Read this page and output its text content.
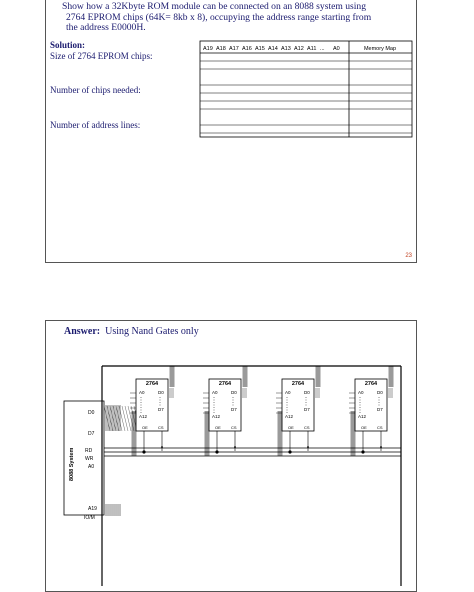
Show how a 32Kbyte ROM module can be connected on an 8088 system using
2764 EPROM chips (64K= 8kb x 8), occupying the address range starting from
the address E0000H.
Solution:
Size of 2764 EPROM chips:
Number of chips needed:
Number of address lines:
A19 A18 A17 A16 A15 A14 A13 A12 A11 ... A0	Memory Map
23
Answer: Using Nand Gates only
8088 System
D0
D7
RD
WR
A0
A19
IO/M
2764
A0	D0
A12
D7
OE	CS
2764
A0	D0
A12
D7
OE	CS
2764
A0	D0
A12
D7
OE	CS
2764
A0	D0
A12
D7
OE	CS
